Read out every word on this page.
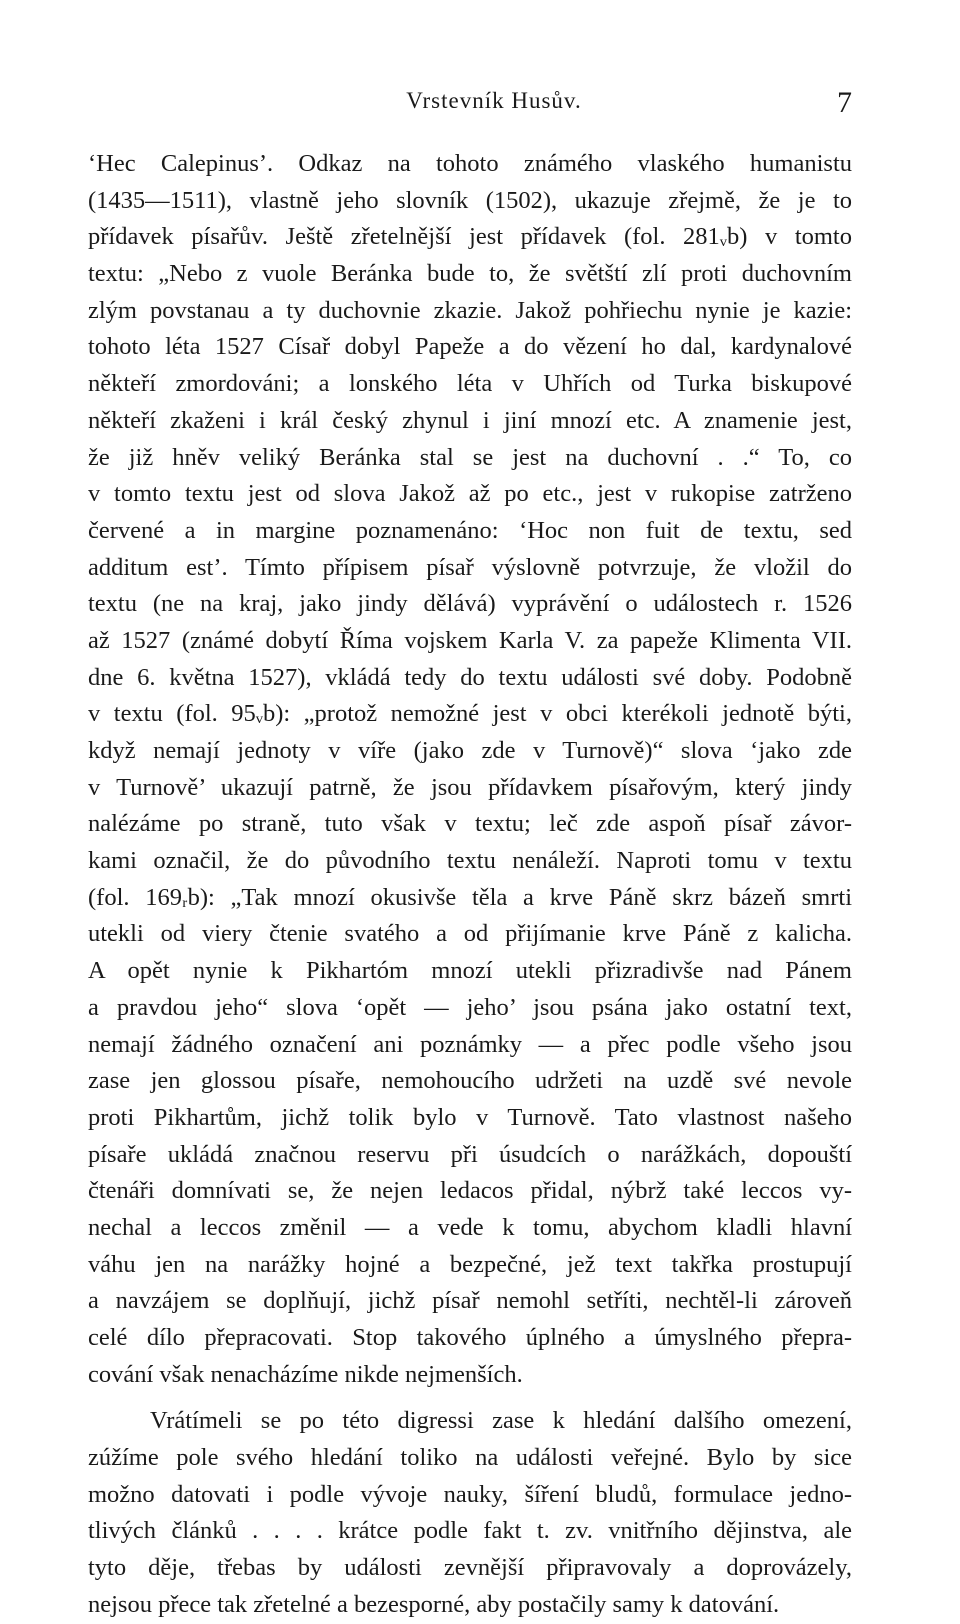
Vrstevník Husův.	7
‘Hec Calepinus’. Odkaz na tohoto známého vlaského humanistu
(1435—1511), vlastně jeho slovník (1502), ukazuje zřejmě, že je to
přídavek písařův. Ještě zřetelnější jest přídavek (fol. 281ᵥb) v tomto
textu: „Nebo z vuole Beránka bude to, že světští zlí proti duchovním
zlým povstanau a ty duchovnie zkazie. Jakož pohřiechu nynie je kazie:
tohoto léta 1527 Císař dobyl Papeže a do vězení ho dal, kardynalové
někteří zmordováni; a lonského léta v Uhřích od Turka biskupové
někteří zkaženi i král český zhynul i jiní mnozí etc. A znamenie jest,
že již hněv veliký Beránka stal se jest na duchovní . .“ To, co
v tomto textu jest od slova Jakož až po etc., jest v rukopise zatrženo
červené a in margine poznamenáno: ‘Hoc non fuit de textu, sed
additum est’. Tímto přípisem písař výslovně potvrzuje, že vložil do
textu (ne na kraj, jako jindy dělává) vyprávění o událostech r. 1526
až 1527 (známé dobytí Říma vojskem Karla V. za papeže Klimenta VII.
dne 6. května 1527), vkládá tedy do textu události své doby. Podobně
v textu (fol. 95ᵥb): „protož nemožné jest v obci kterékoli jednotě býti,
když nemají jednoty v víře (jako zde v Turnově)“ slova ‘jako zde
v Turnově’ ukazují patrně, že jsou přídavkem písařovým, který jindy
nalézáme po straně, tuto však v textu; leč zde aspoň písař závor-
kami označil, že do původního textu nenáleží. Naproti tomu v textu
(fol. 169ᵣb): „Tak mnozí okusivše těla a krve Páně skrz bázeň smrti
utekli od viery čtenie svatého a od přijímanie krve Páně z kalicha.
A opět nynie k Pikhartóm mnozí utekli přizradivše nad Pánem
a pravdou jeho“ slova ‘opět — jeho’ jsou psána jako ostatní text,
nemají žádného označení ani poznámky — a přec podle všeho jsou
zase jen glossou písaře, nemohoucího udržeti na uzdě své nevole
proti Pikhartům, jichž tolik bylo v Turnově. Tato vlastnost našeho
písaře ukládá značnou reservu při úsudcích o narážkách, dopouští
čtenáři domnívati se, že nejen ledacos přidal, nýbrž také leccos vy-
nechal a leccos změnil — a vede k tomu, abychom kladli hlavní
váhu jen na narážky hojné a bezpečné, jež text takřka prostupují
a navzájem se doplňují, jichž písař nemohl setříti, nechtěl-li zároveň
celé dílo přepracovati. Stop takového úplného a úmyslného přepra-
cování však nenacházíme nikde nejmenších.
Vrátímeli se po této digressi zase k hledání dalšího omezení,
zúžíme pole svého hledání toliko na události veřejné. Bylo by sice
možno datovati i podle vývoje nauky, šíření bludů, formulace jedno-
tlivých článků . . . . krátce podle fakt t. zv. vnitřního dějinstva, ale
tyto děje, třebas by události zevnější připravovaly a doprovázely,
nejsou přece tak zřetelné a bezesporné, aby postačily samy k datování.
